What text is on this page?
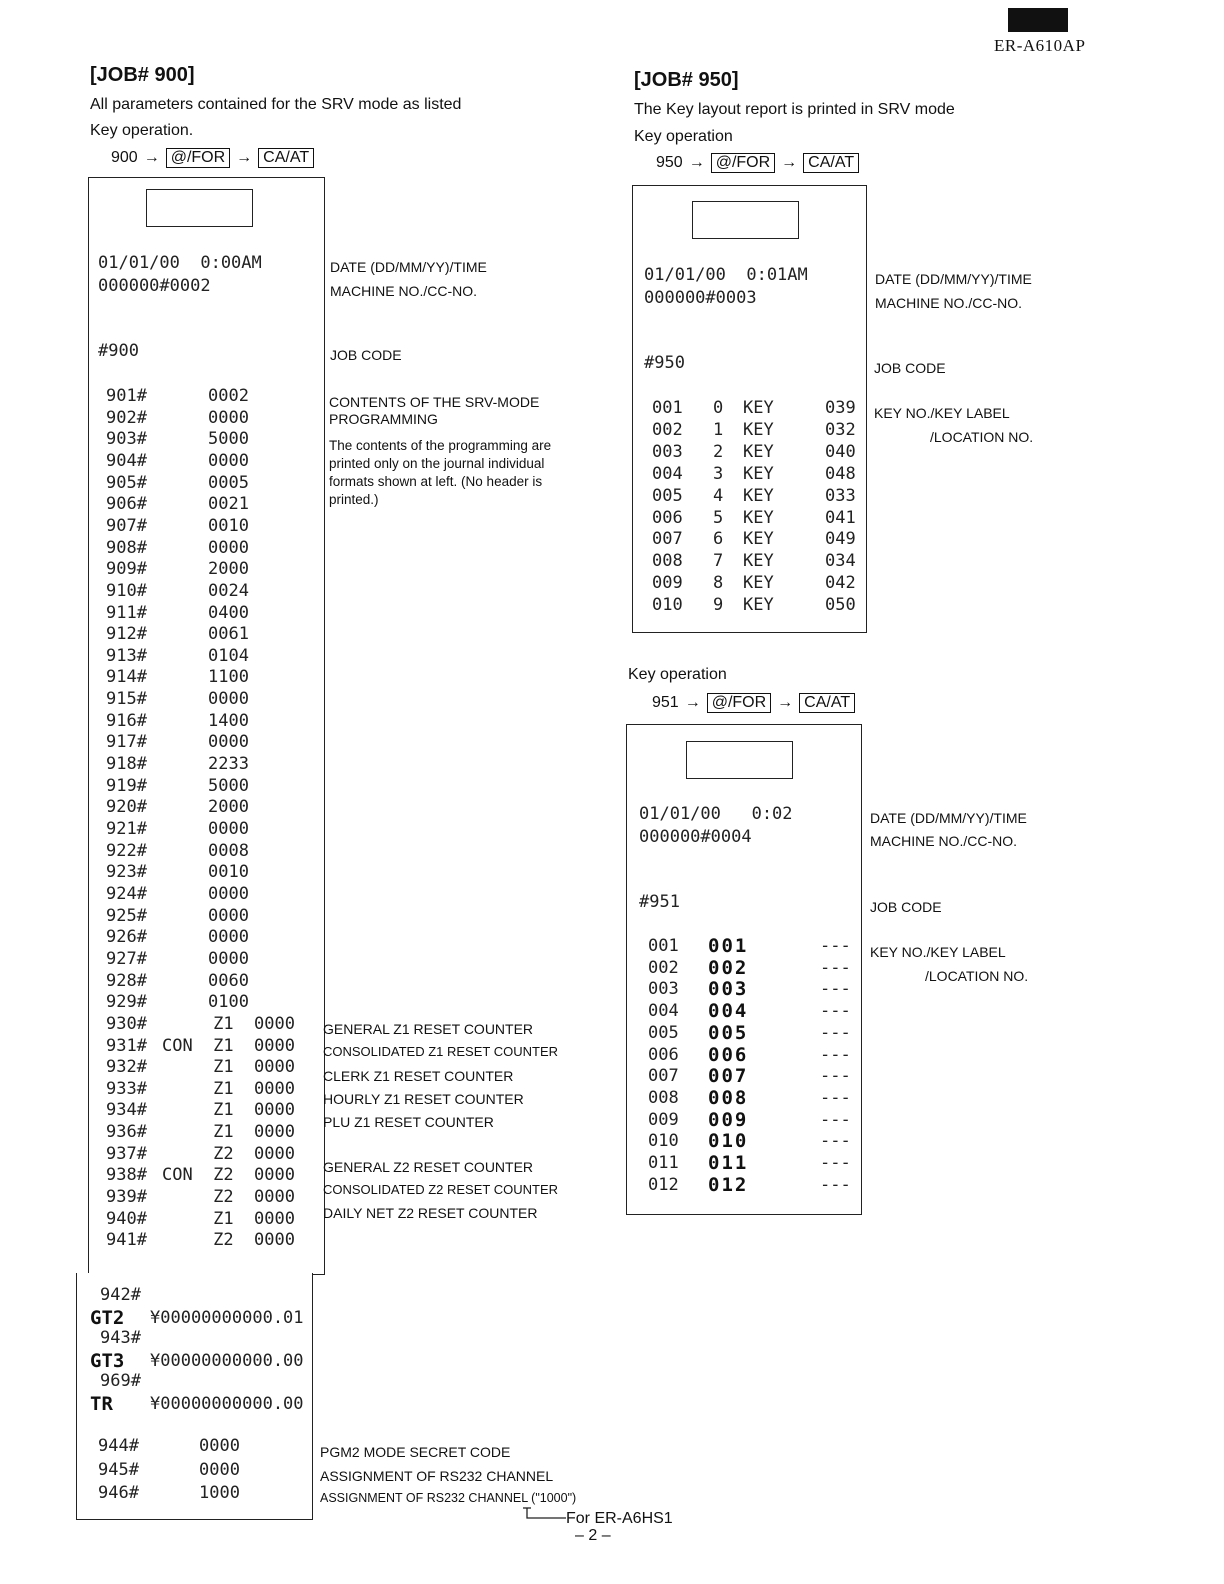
ER-A610AP
[JOB# 900]
All parameters contained for the SRV mode as listed
Key operation.
900 → @/FOR → CA/AT
01/01/00  0:00AM
000000#0002
#900
901#	0002
902#	0000
903#	5000
904#	0000
905#	0005
906#	0021
907#	0010
908#	0000
909#	2000
910#	0024
911#	0400
912#	0061
913#	0104
914#	1100
915#	0000
916#	1400
917#	0000
918#	2233
919#	5000
920#	2000
921#	0000
922#	0008
923#	0010
924#	0000
925#	0000
926#	0000
927#	0000
928#	0060
929#	0100
930# Z1 0000
931# CON  Z1 0000
932# Z1 0000
933# Z1 0000
934# Z1 0000
936# Z1 0000
937# Z2 0000
938# CON  Z2 0000
939# Z2 0000
940# Z1 0000
941# Z2 0000
942#
GT2 ¥00000000000.01
943#
GT3 ¥00000000000.00
969#
TR ¥00000000000.00
944#	0000
945#	0000
946#	1000
DATE (DD/MM/YY)/TIME
MACHINE NO./CC-NO.
JOB CODE
CONTENTS OF THE SRV-MODE
PROGRAMMING
The contents of the programming are
printed only on the journal individual
formats shown at left. (No header is
printed.)
GENERAL Z1 RESET COUNTER
CONSOLIDATED Z1 RESET COUNTER
CLERK Z1 RESET COUNTER
HOURLY Z1 RESET COUNTER
PLU Z1 RESET COUNTER
GENERAL Z2 RESET COUNTER
CONSOLIDATED Z2 RESET COUNTER
DAILY NET Z2 RESET COUNTER
PGM2 MODE SECRET CODE
ASSIGNMENT OF RS232 CHANNEL
ASSIGNMENT OF RS232 CHANNEL ("1000")
For ER-A6HS1
– 2 –
[JOB# 950]
The Key layout report is printed in SRV mode
Key operation
950 → @/FOR → CA/AT
01/01/00  0:01AM
000000#0003
#950
001 0 KEY	039
002 1 KEY	032
003 2 KEY	040
004 3 KEY	048
005 4 KEY	033
006 5 KEY	041
007 6 KEY	049
008 7 KEY	034
009 8 KEY	042
010 9 KEY	050
DATE (DD/MM/YY)/TIME
MACHINE NO./CC-NO.
JOB CODE
KEY NO./KEY LABEL
/LOCATION NO.
Key operation
951 → @/FOR → CA/AT
01/01/00   0:02
000000#0004
#951
001 001	---
002 002	---
003 003	---
004 004	---
005 005	---
006 006	---
007 007	---
008 008	---
009 009	---
010 010	---
011 011	---
012 012	---
DATE (DD/MM/YY)/TIME
MACHINE NO./CC-NO.
JOB CODE
KEY NO./KEY LABEL
/LOCATION NO.
